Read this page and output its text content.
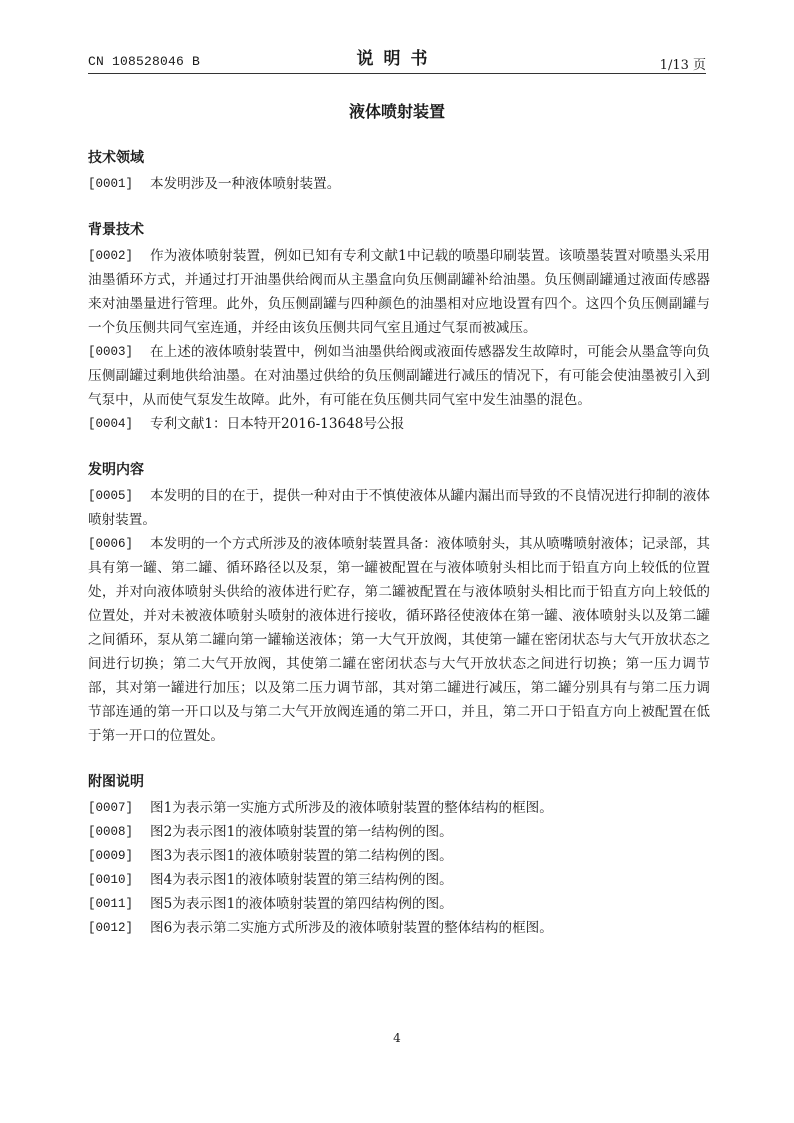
CN 108528046 B	说明书	1/13 页
液体喷射装置
技术领域
[0001] 本发明涉及一种液体喷射装置。
背景技术
[0002] 作为液体喷射装置，例如已知有专利文献1中记载的喷墨印刷装置。该喷墨装置对喷墨头采用油墨循环方式，并通过打开油墨供给阀而从主墨盒向负压侧副罐补给油墨。负压侧副罐通过液面传感器来对油墨量进行管理。此外，负压侧副罐与四种颜色的油墨相对应地设置有四个。这四个负压侧副罐与一个负压侧共同气室连通，并经由该负压侧共同气室且通过气泵而被减压。
[0003] 在上述的液体喷射装置中，例如当油墨供给阀或液面传感器发生故障时，可能会从墨盒等向负压侧副罐过剩地供给油墨。在对油墨过供给的负压侧副罐进行减压的情况下，有可能会使油墨被引入到气泵中，从而使气泵发生故障。此外，有可能在负压侧共同气室中发生油墨的混色。
[0004] 专利文献1：日本特开2016-13648号公报
发明内容
[0005] 本发明的目的在于，提供一种对由于不慎使液体从罐内漏出而导致的不良情况进行抑制的液体喷射装置。
[0006] 本发明的一个方式所涉及的液体喷射装置具备：液体喷射头，其从喷嘴喷射液体；记录部，其具有第一罐、第二罐、循环路径以及泵，第一罐被配置在与液体喷射头相比而于铅直方向上较低的位置处，并对向液体喷射头供给的液体进行贮存，第二罐被配置在与液体喷射头相比而于铅直方向上较低的位置处，并对未被液体喷射头喷射的液体进行接收，循环路径使液体在第一罐、液体喷射头以及第二罐之间循环，泵从第二罐向第一罐输送液体；第一大气开放阀，其使第一罐在密闭状态与大气开放状态之间进行切换；第二大气开放阀，其使第二罐在密闭状态与大气开放状态之间进行切换；第一压力调节部，其对第一罐进行加压；以及第二压力调节部，其对第二罐进行减压，第二罐分别具有与第二压力调节部连通的第一开口以及与第二大气开放阀连通的第二开口，并且，第二开口于铅直方向上被配置在低于第一开口的位置处。
附图说明
[0007] 图1为表示第一实施方式所涉及的液体喷射装置的整体结构的框图。
[0008] 图2为表示图1的液体喷射装置的第一结构例的图。
[0009] 图3为表示图1的液体喷射装置的第二结构例的图。
[0010] 图4为表示图1的液体喷射装置的第三结构例的图。
[0011] 图5为表示图1的液体喷射装置的第四结构例的图。
[0012] 图6为表示第二实施方式所涉及的液体喷射装置的整体结构的框图。
4
